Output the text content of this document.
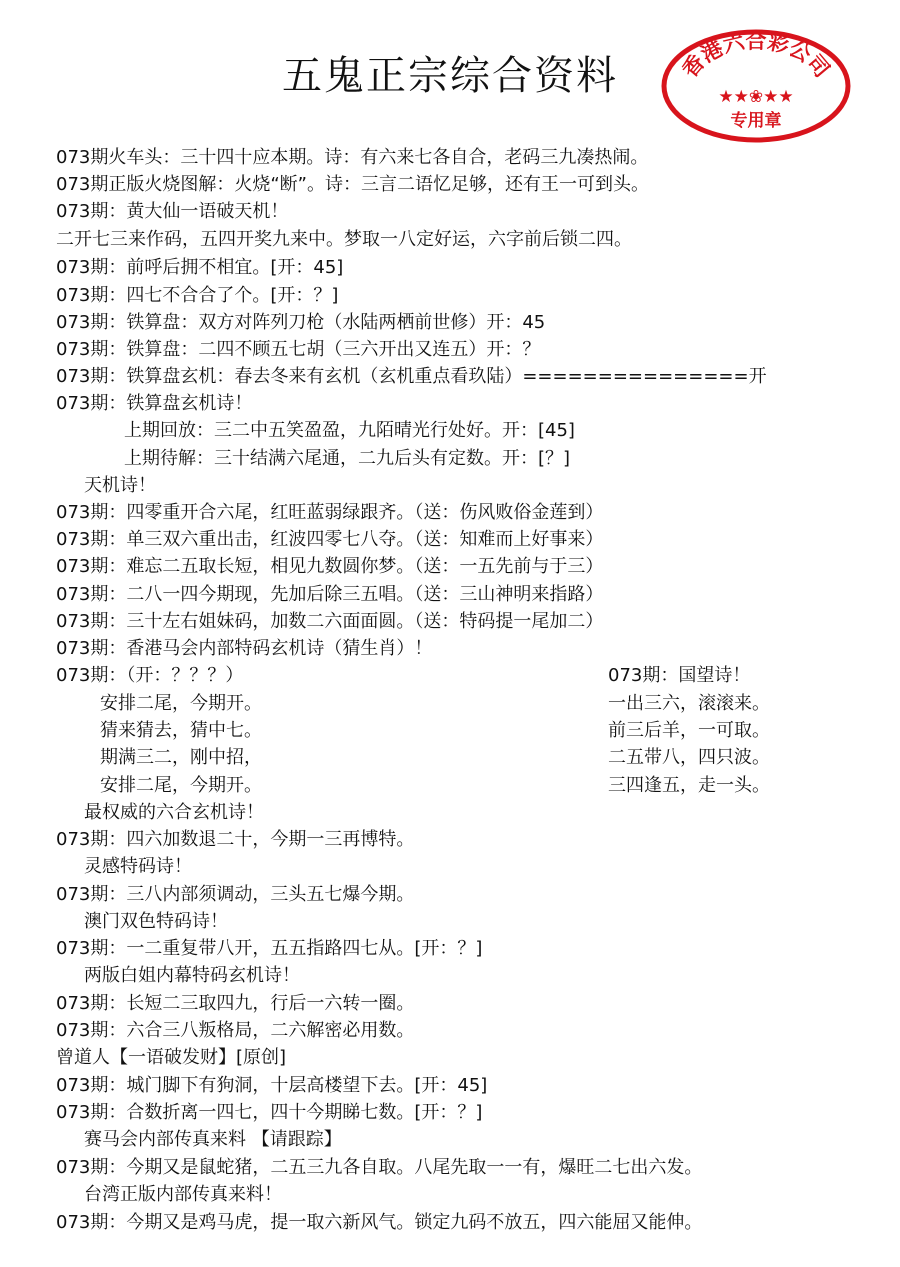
五鬼正宗综合资料	香港六合彩公司
★★❀★★
专用章
073期火车头：三十四十应本期。诗：有六来七各自合，老码三九凑热闹。
073期正版火烧图解：火烧“断”。诗：三言二语忆足够，还有王一可到头。
073期：黄大仙一语破天机！
二开七三来作码，五四开奖九来中。梦取一八定好运，六字前后锁二四。
073期：前呼后拥不相宜。[开：45]
073期：四七不合合了个。[开：？]
073期：铁算盘：双方对阵列刀枪（水陆两栖前世修）开：45
073期：铁算盘：二四不顾五七胡（三六开出又连五）开：？
073期：铁算盘玄机：春去冬来有玄机（玄机重点看玖陆）===============开
073期：铁算盘玄机诗！
上期回放：三二中五笑盈盈，九陌晴光行处好。开：[45]
上期待解：三十结满六尾通，二九后头有定数。开：[？]
天机诗！
073期：四零重开合六尾，红旺蓝弱绿跟齐。（送：伤风败俗金莲到）
073期：单三双六重出击，红波四零七八夺。（送：知难而上好事来）
073期：难忘二五取长短，相见九数圆你梦。（送：一五先前与于三）
073期：二八一四今期现，先加后除三五唱。（送：三山神明来指路）
073期：三十左右姐妹码，加数二六面面圆。（送：特码提一尾加二）
073期：香港马会内部特码玄机诗（猜生肖）！
073期：（开：？？？）
安排二尾，今期开。
猜来猜去，猜中七。
期满三二，刚中招，
安排二尾，今期开。
最权威的六合玄机诗！
073期：四六加数退二十，今期一三再博特。
灵感特码诗！
073期：三八内部须调动，三头五七爆今期。
澳门双色特码诗！
073期：一二重复带八开，五五指路四七从。[开：？]
两版白姐内幕特码玄机诗！
073期：长短二三取四九，行后一六转一圈。
073期：六合三八叛格局，二六解密必用数。
曾道人【一语破发财】[原创]
073期：城门脚下有狗洞，十层高楼望下去。[开：45]
073期：合数折离一四七，四十今期睇七数。[开：？]
赛马会内部传真来料 【请跟踪】
073期：今期又是鼠蛇猪，二五三九各自取。八尾先取一一有，爆旺二七出六发。
台湾正版内部传真来料！
073期：今期又是鸡马虎，提一取六新风气。锁定九码不放五，四六能屈又能伸。
073期：国望诗！
一出三六，滚滚来。
前三后羊，一可取。
二五带八，四只波。
三四逢五，走一头。
